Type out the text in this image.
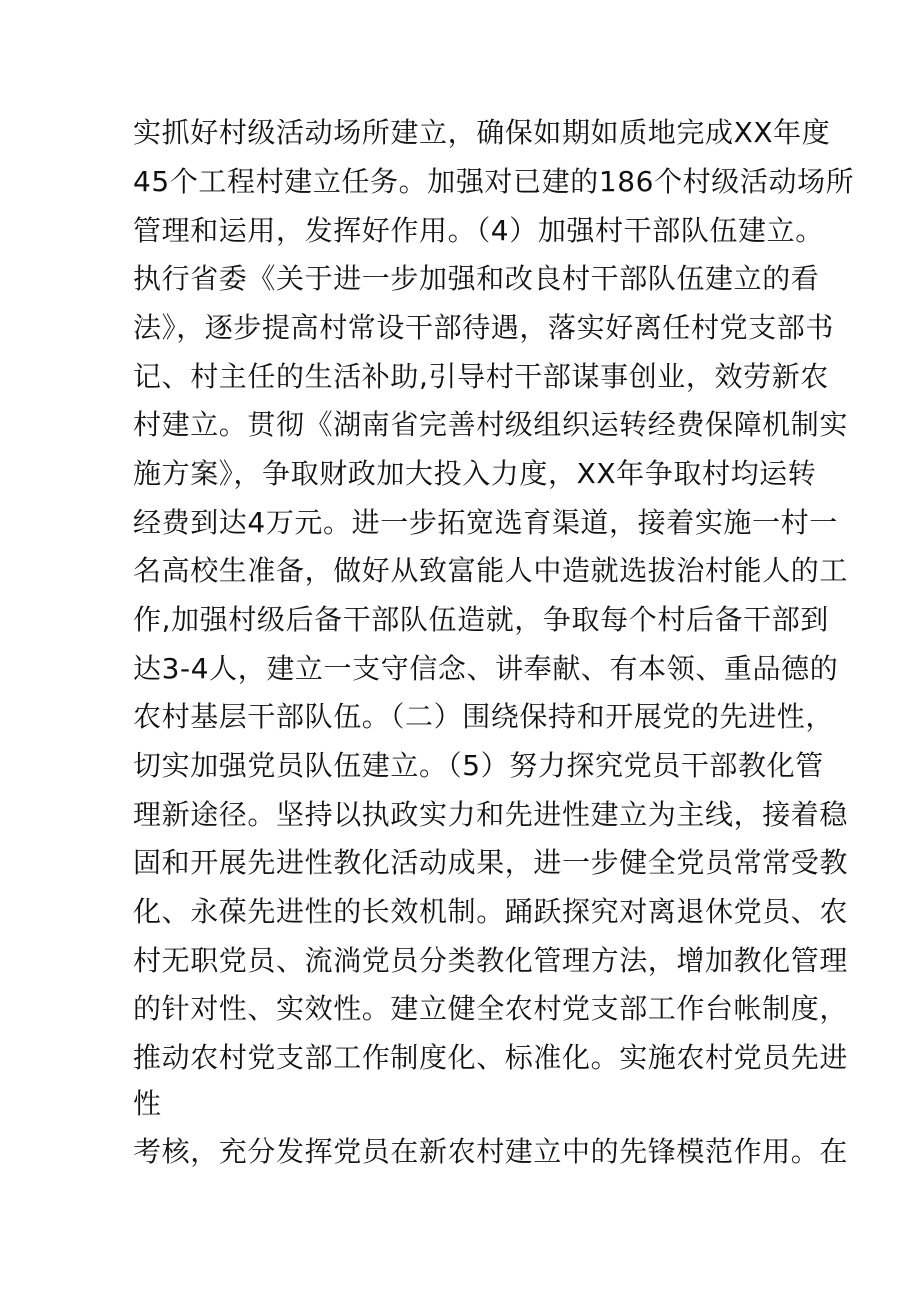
实抓好村级活动场所建立，确保如期如质地完成XX年度

45个工程村建立任务。加强对已建的186个村级活动场所

管理和运用，发挥好作用。（4）加强村干部队伍建立。

执行省委《关于进一步加强和改良村干部队伍建立的看

法》，逐步提高村常设干部待遇，落实好离任村党支部书

记、村主任的生活补助,引导村干部谋事创业，效劳新农

村建立。贯彻《湖南省完善村级组织运转经费保障机制实

施方案》，争取财政加大投入力度，XX年争取村均运转

经费到达4万元。进一步拓宽选育渠道，接着实施一村一

名高校生准备，做好从致富能人中造就选拔治村能人的工

作,加强村级后备干部队伍造就，争取每个村后备干部到

达3-4人，建立一支守信念、讲奉献、有本领、重品德的

农村基层干部队伍。（二）围绕保持和开展党的先进性，

切实加强党员队伍建立。（5）努力探究党员干部教化管

理新途径。坚持以执政实力和先进性建立为主线，接着稳

固和开展先进性教化活动成果，进一步健全党员常常受教

化、永葆先进性的长效机制。踊跃探究对离退休党员、农

村无职党员、流淌党员分类教化管理方法，增加教化管理

的针对性、实效性。建立健全农村党支部工作台帐制度，

推动农村党支部工作制度化、标准化。实施农村党员先进

性

考核，充分发挥党员在新农村建立中的先锋模范作用。在
